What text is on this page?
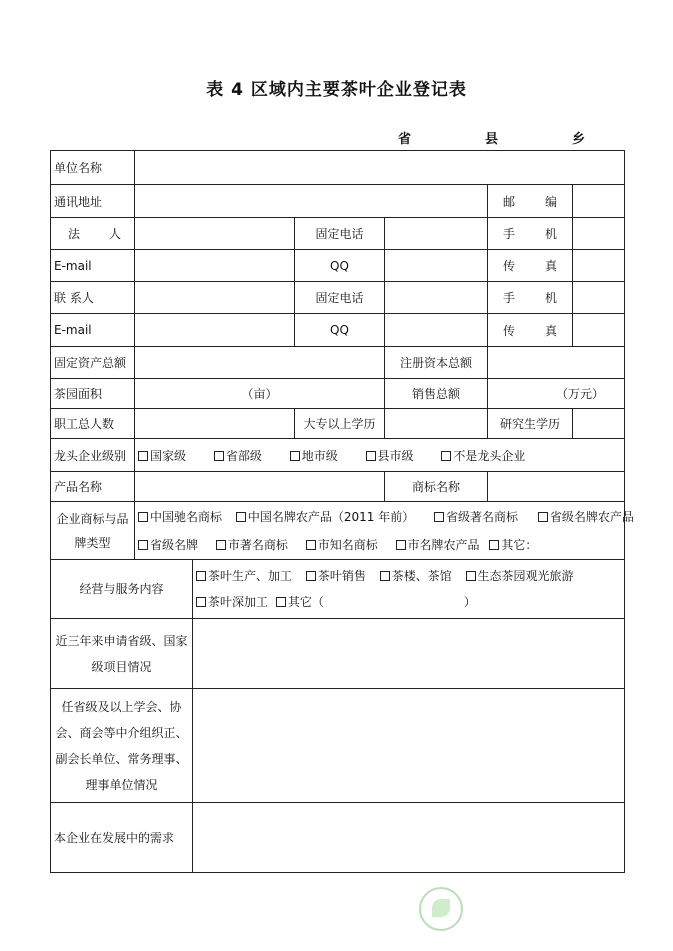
表 4 区域内主要茶叶企业登记表
省	县	乡
单位名称						
通讯地址					邮 编	

法 人			固定电话		手 机	

E-mail			QQ		传 真	

联 系人			固定电话		手 机	

E-mail			QQ		传 真	

固定资产总额				注册资本总额		
茶园面积	（亩）			销售总额	（万元）	
职工总人数			大专以上学历		研究生学历	
龙头企业级别	国家级 省部级 地市级 县市级 不是龙头企业					
产品名称				商标名称		
企业商标与品牌类型	中国驰名商标 中国名牌农产品（2011 年前） 省级著名商标 省级名牌农产品
省级名牌 市著名商标 市知名商标 市名牌农产品 其它：					

经营与服务内容		茶叶生产、加工 茶叶销售 茶楼、茶馆 生态茶园观光旅游 茶叶深加工 其它（ ）				
近三年来申请省级、国家级项目情况						
任省级及以上学会、协会、商会等中介组织正、副会长单位、常务理事、理事单位情况						
本企业在发展中的需求						
